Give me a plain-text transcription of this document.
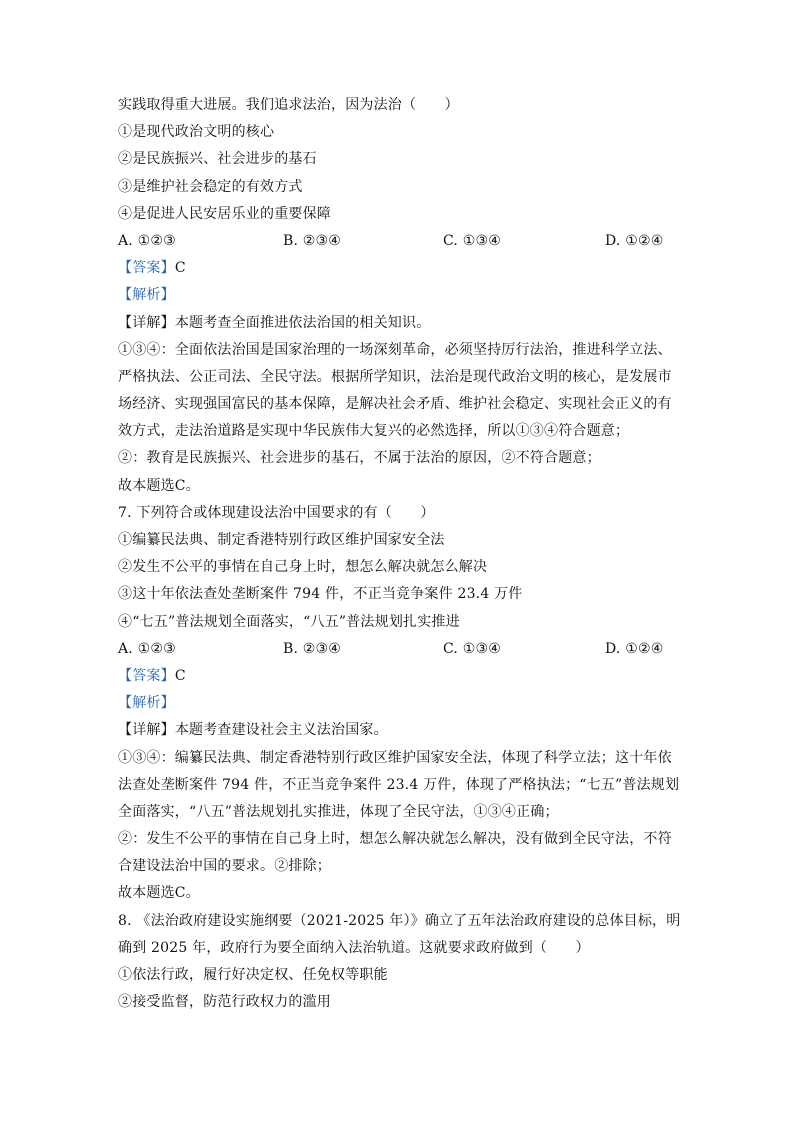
实践取得重大进展。我们追求法治，因为法治（　　）
①是现代政治文明的核心
②是民族振兴、社会进步的基石
③是维护社会稳定的有效方式
④是促进人民安居乐业的重要保障
A. ①②③	B. ②③④	C. ①③④	D. ①②④
【答案】C
【解析】
【详解】本题考查全面推进依法治国的相关知识。
①③④：全面依法治国是国家治理的一场深刻革命，必须坚持厉行法治，推进科学立法、
严格执法、公正司法、全民守法。根据所学知识，法治是现代政治文明的核心，是发展市
场经济、实现强国富民的基本保障，是解决社会矛盾、维护社会稳定、实现社会正义的有
效方式，走法治道路是实现中华民族伟大复兴的必然选择，所以①③④符合题意；
②：教育是民族振兴、社会进步的基石，不属于法治的原因，②不符合题意；
故本题选C。
7. 下列符合或体现建设法治中国要求的有（　　）
①编纂民法典、制定香港特别行政区维护国家安全法
②发生不公平的事情在自己身上时，想怎么解决就怎么解决
③这十年依法查处垄断案件 794 件，不正当竞争案件 23.4 万件
④“七五”普法规划全面落实，“八五”普法规划扎实推进
A. ①②③	B. ②③④	C. ①③④	D. ①②④
【答案】C
【解析】
【详解】本题考查建设社会主义法治国家。
①③④：编纂民法典、制定香港特别行政区维护国家安全法，体现了科学立法；这十年依
法查处垄断案件 794 件，不正当竞争案件 23.4 万件，体现了严格执法；“七五”普法规划
全面落实，“八五”普法规划扎实推进，体现了全民守法，①③④正确；
②：发生不公平的事情在自己身上时，想怎么解决就怎么解决，没有做到全民守法，不符
合建设法治中国的要求。②排除；
故本题选C。
8. 《法治政府建设实施纲要（2021-2025 年）》确立了五年法治政府建设的总体目标，明
确到 2025 年，政府行为要全面纳入法治轨道。这就要求政府做到（　　）
①依法行政，履行好决定权、任免权等职能
②接受监督，防范行政权力的滥用
